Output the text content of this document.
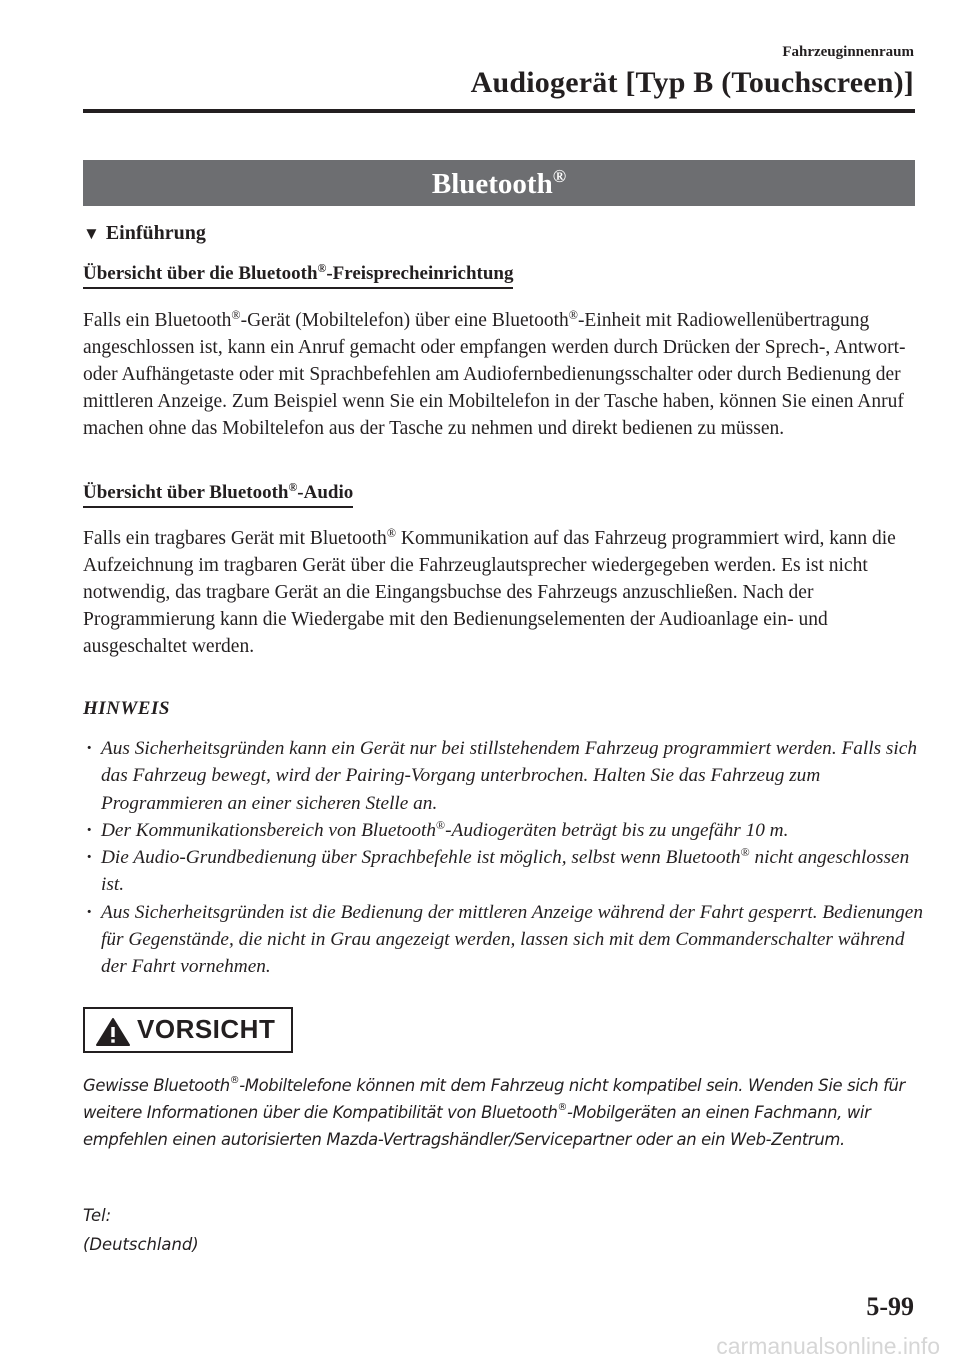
Fahrzeuginnenraum
Audiogerät [Typ B (Touchscreen)]
Bluetooth®
▼ Einführung
Übersicht über die Bluetooth®-Freisprecheinrichtung
Falls ein Bluetooth®-Gerät (Mobiltelefon) über eine Bluetooth®-Einheit mit Radiowellenübertragung angeschlossen ist, kann ein Anruf gemacht oder empfangen werden durch Drücken der Sprech-, Antwort- oder Aufhängetaste oder mit Sprachbefehlen am Audiofernbedienungsschalter oder durch Bedienung der mittleren Anzeige. Zum Beispiel wenn Sie ein Mobiltelefon in der Tasche haben, können Sie einen Anruf machen ohne das Mobiltelefon aus der Tasche zu nehmen und direkt bedienen zu müssen.
Übersicht über Bluetooth®-Audio
Falls ein tragbares Gerät mit Bluetooth® Kommunikation auf das Fahrzeug programmiert wird, kann die Aufzeichnung im tragbaren Gerät über die Fahrzeuglautsprecher wiedergegeben werden. Es ist nicht notwendig, das tragbare Gerät an die Eingangsbuchse des Fahrzeugs anzuschließen. Nach der Programmierung kann die Wiedergabe mit den Bedienungselementen der Audioanlage ein- und ausgeschaltet werden.
HINWEIS

· Aus Sicherheitsgründen kann ein Gerät nur bei stillstehendem Fahrzeug programmiert werden. Falls sich das Fahrzeug bewegt, wird der Pairing-Vorgang unterbrochen. Halten Sie das Fahrzeug zum Programmieren an einer sicheren Stelle an.

· Der Kommunikationsbereich von Bluetooth®-Audiogeräten beträgt bis zu ungefähr 10 m.

· Die Audio-Grundbedienung über Sprachbefehle ist möglich, selbst wenn Bluetooth® nicht angeschlossen ist.

· Aus Sicherheitsgründen ist die Bedienung der mittleren Anzeige während der Fahrt gesperrt. Bedienungen für Gegenstände, die nicht in Grau angezeigt werden, lassen sich mit dem Commanderschalter während der Fahrt vornehmen.

VORSICHT
Gewisse Bluetooth®-Mobiltelefone können mit dem Fahrzeug nicht kompatibel sein. Wenden Sie sich für weitere Informationen über die Kompatibilität von Bluetooth®-Mobilgeräten an einen Fachmann, wir empfehlen einen autorisierten Mazda-Vertragshändler/Servicepartner oder an ein Web-Zentrum.
Tel:
(Deutschland)
5-99
carmanualsonline.info
